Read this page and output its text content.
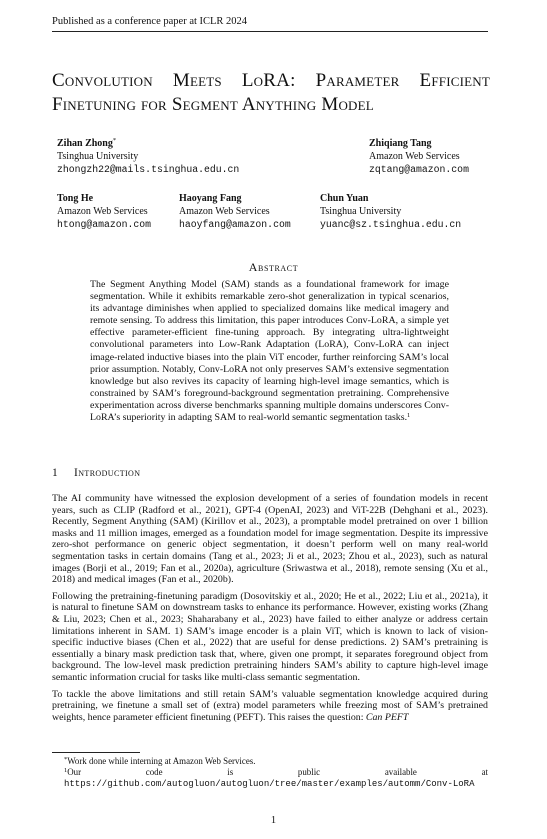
Published as a conference paper at ICLR 2024
Convolution Meets LoRA: Parameter Efficient Finetuning for Segment Anything Model
Zihan Zhong*
Tsinghua University
zhongzh22@mails.tsinghua.edu.cn
Zhiqiang Tang
Amazon Web Services
zqtang@amazon.com
Tong He
Amazon Web Services
htong@amazon.com
Haoyang Fang
Amazon Web Services
haoyfang@amazon.com
Chun Yuan
Tsinghua University
yuanc@sz.tsinghua.edu.cn
Abstract
The Segment Anything Model (SAM) stands as a foundational framework for image segmentation. While it exhibits remarkable zero-shot generalization in typical scenarios, its advantage diminishes when applied to specialized domains like medical imagery and remote sensing. To address this limitation, this paper introduces Conv-LoRA, a simple yet effective parameter-efficient fine-tuning approach. By integrating ultra-lightweight convolutional parameters into Low-Rank Adaptation (LoRA), Conv-LoRA can inject image-related inductive biases into the plain ViT encoder, further reinforcing SAM’s local prior assumption. Notably, Conv-LoRA not only preserves SAM’s extensive segmentation knowledge but also revives its capacity of learning high-level image semantics, which is constrained by SAM’s foreground-background segmentation pretraining. Comprehensive experimentation across diverse benchmarks spanning multiple domains underscores Conv-LoRA’s superiority in adapting SAM to real-world semantic segmentation tasks.$^1$
1 Introduction

The AI community have witnessed the explosion development of a series of foundation models in recent years, such as CLIP (Radford et al., 2021), GPT-4 (OpenAI, 2023) and ViT-22B (Dehghani et al., 2023). Recently, Segment Anything (SAM) (Kirillov et al., 2023), a promptable model pretrained on over 1 billion masks and 11 million images, emerged as a foundation model for image segmentation. Despite its impressive zero-shot performance on generic object segmentation, it doesn’t perform well on many real-world segmentation tasks in certain domains (Tang et al., 2023; Ji et al., 2023; Zhou et al., 2023), such as natural images (Borji et al., 2019; Fan et al., 2020a), agriculture (Sriwastwa et al., 2018), remote sensing (Xu et al., 2018) and medical images (Fan et al., 2020b).

Following the pretraining-finetuning paradigm (Dosovitskiy et al., 2020; He et al., 2022; Liu et al., 2021a), it is natural to finetune SAM on downstream tasks to enhance its performance. However, existing works (Zhang & Liu, 2023; Chen et al., 2023; Shaharabany et al., 2023) have failed to either analyze or address certain limitations inherent in SAM. 1) SAM’s image encoder is a plain ViT, which is known to lack of vision-specific inductive biases (Chen et al., 2022) that are useful for dense predictions. 2) SAM’s pretraining is essentially a binary mask prediction task that, where, given one prompt, it separates foreground object from background. The low-level mask prediction pretraining hinders SAM’s ability to capture high-level image semantic information crucial for tasks like multi-class semantic segmentation.

To tackle the above limitations and still retain SAM’s valuable segmentation knowledge acquired during pretraining, we finetune a small set of (extra) model parameters while freezing most of SAM’s pretrained weights, hence parameter efficient finetuning (PEFT). This raises the question: Can PEFT

*Work done while interning at Amazon Web Services.
$^1$Our code is public available at https://github.com/autogluon/autogluon/tree/master/examples/automm/Conv-LoRA
1
